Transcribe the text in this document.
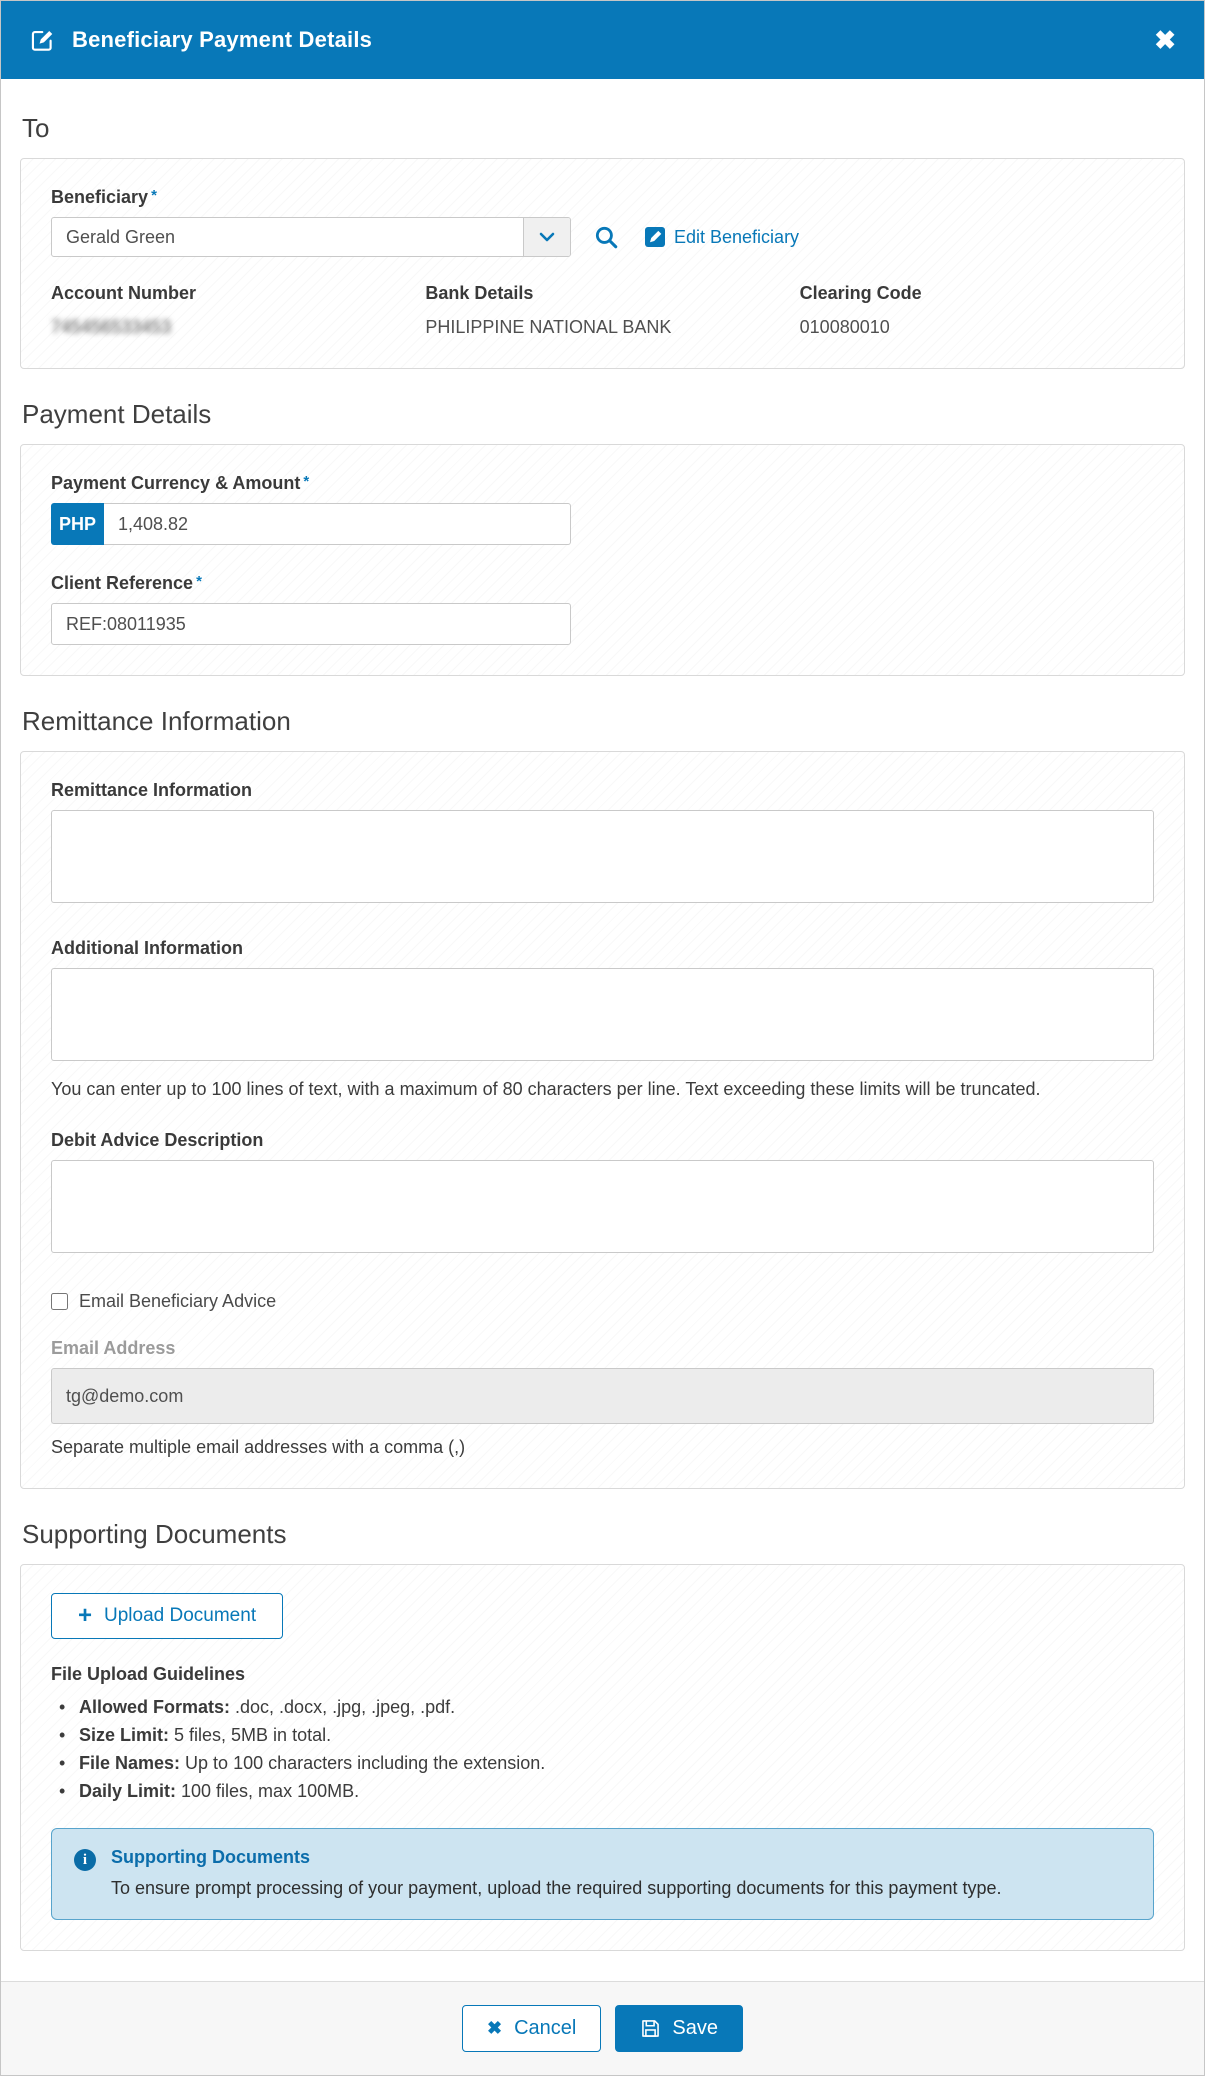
Beneficiary Payment Details	✖
To
Beneficiary *
Gerald Green	Edit Beneficiary
Account Number
745456533453
Bank Details
PHILIPPINE NATIONAL BANK
Clearing Code
010080010
Payment Details
Payment Currency & Amount *
PHP	1,408.82
Client Reference *
REF:08011935
Remittance Information
Remittance Information
Additional Information
You can enter up to 100 lines of text, with a maximum of 80 characters per line. Text exceeding these limits will be truncated.
Debit Advice Description
Email Beneficiary Advice
Email Address
tg@demo.com
Separate multiple email addresses with a comma (,)
Supporting Documents
+ Upload Document
File Upload Guidelines
• Allowed Formats: .doc, .docx, .jpg, .jpeg, .pdf.
• Size Limit: 5 files, 5MB in total.
• File Names: Up to 100 characters including the extension.
• Daily Limit: 100 files, max 100MB.
i	Supporting Documents
To ensure prompt processing of your payment, upload the required supporting documents for this payment type.
✖ Cancel	Save
